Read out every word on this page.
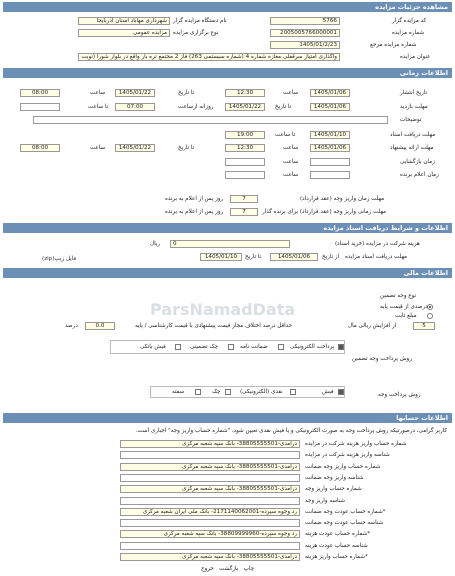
مشاهده جزئیات مزایده
کد مزایده گزار
5766
نام دستگاه مزایده گزار
شهرداری مهاباد استان آذربایجا
شماره مزایده
2005005766000001
نوع برگزاری مزایده
مزایده عمومی
شماره مزایده مرجع
1405/01/2/23
عنوان مزایده
واگذاری امتیاز سرقفلی مغازه شماره 4 (شماره سیستمی 263) فاز 2 مجتمع تره بار واقع در بلوار شورا (نوبت
اطلاعات زمانی
تاریخ انتشار
1405/01/06
ساعت
12:30
تا تاریخ
1405/01/22
ساعت
08:00
مهلت بازدید
1405/01/06
تا تاریخ
1405/01/22
روزانه ازساعت
07:00
تا ساعت
توضیحات
مهلت دریافت اسناد
1405/01/10
تا ساعت
19:00
مهلت ارائه پیشنهاد
1405/01/06
ساعت
12:30
تا تاریخ
1405/01/22
ساعت
08:00
زمان بازگشایی
ساعت
زمان اعلام برنده
ساعت
مهلت زمان واریز وجه (عقد قرارداد)
7
روز پس از اعلام به برنده
مهلت زمانی واریز وجه (عقد قرارداد) برای برنده گذار
7
روز پس از اعلام به برنده
اطلاعات و شرایط دریافت اسناد مزایده
هزینه شرکت در مزایده (خرید اسناد)
0
ریال
مهلت دریافت اسناد مزایده
از تاریخ
1405/01/06
تا تاریخ
1405/01/10
فایل زیپ(zip)
ParsNamadData
اطلاعات مالی
نوع وجه تضمین
درصدی از قیمت پایه
مبلغ ثابت
5
از افزایش ریالی مال
حداقل درصد اختلاف مجاز قیمت پیشنهادی با قیمت کارشناسی / پایه
0.0
درصد
روش پرداخت وجه تضمین
پرداخت الکترونیکی
ضمانت نامه
چک تضمینی
فیش بانکی
روش پرداخت وجه
فیش
نقدی (الکترونیکی)
چک
سفته
اطلاعات حسابها
کاربر گرامی، درصورتیکه روش پرداخت وجه به صورت الکترونیکی و یا فیش نقدی تعیین شود، "شماره حساب واریز وجه" اجباری است.
شماره حساب واریز هزینه شرکت در مزایده
درآمدی-38805555501- بانک سپه شعبه مرکزی
شناسه واریز هزینه شرکت در مزایده
شماره حساب واریز وجه ضمانت
درآمدی-38805555501- بانک سپه شعبه مرکزی
شناسه واریز وجه ضمانت
شماره حساب واریز وجه
درآمدی-38805555501- بانک سپه شعبه مرکزی
شناسه واریز وجه
*شماره حساب عودت وجه ضمانت
رد وجوه سپرده-2171140062001- بانک ملی ایران شعبه مرکزی
شناسه حساب عودت وجه ضمانت
*شماره حساب عودت هزینه
رد وجوه سپرده-38809999960- بانک سپه شعبه مرکزی
شناسه حساب عودت هزینه
*شماره حساب واریز هزینه
درآمدی-38805555501- بانک سپه شعبه مرکزی
چاپ   بازگشت   خروج
